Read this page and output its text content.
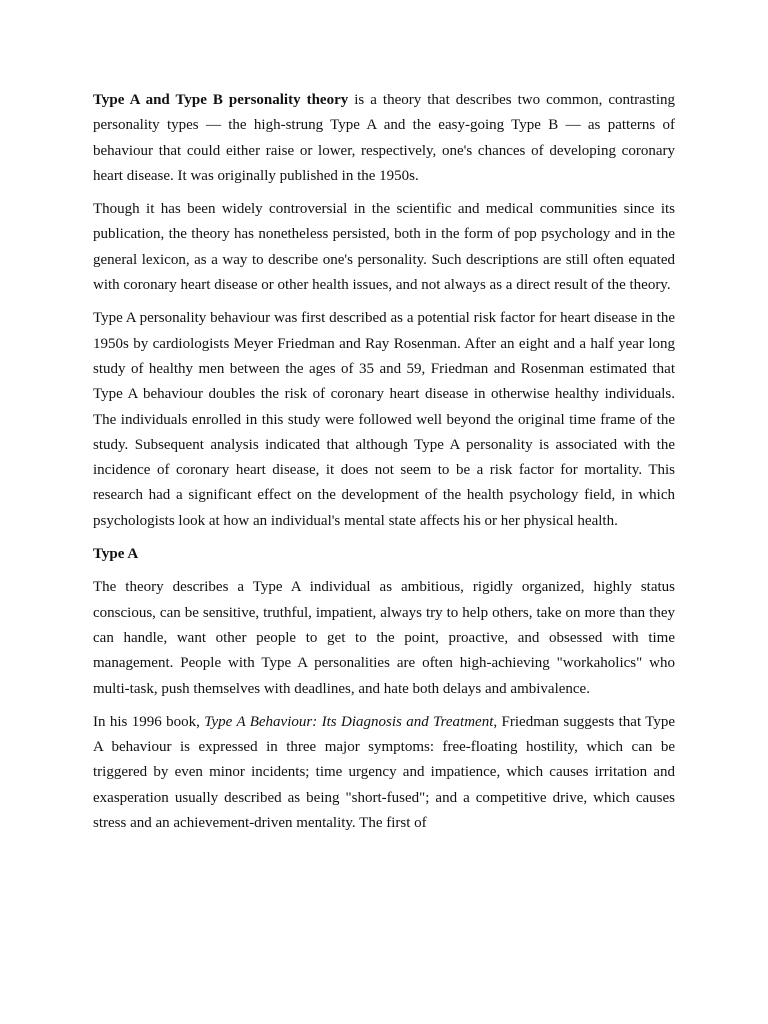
Type A and Type B personality theory is a theory that describes two common, contrasting personality types — the high-strung Type A and the easy-going Type B — as patterns of behaviour that could either raise or lower, respectively, one's chances of developing coronary heart disease. It was originally published in the 1950s.

Though it has been widely controversial in the scientific and medical communities since its publication, the theory has nonetheless persisted, both in the form of pop psychology and in the general lexicon, as a way to describe one's personality. Such descriptions are still often equated with coronary heart disease or other health issues, and not always as a direct result of the theory.

Type A personality behaviour was first described as a potential risk factor for heart disease in the 1950s by cardiologists Meyer Friedman and Ray Rosenman. After an eight and a half year long study of healthy men between the ages of 35 and 59, Friedman and Rosenman estimated that Type A behaviour doubles the risk of coronary heart disease in otherwise healthy individuals. The individuals enrolled in this study were followed well beyond the original time frame of the study. Subsequent analysis indicated that although Type A personality is associated with the incidence of coronary heart disease, it does not seem to be a risk factor for mortality. This research had a significant effect on the development of the health psychology field, in which psychologists look at how an individual's mental state affects his or her physical health.

Type A

The theory describes a Type A individual as ambitious, rigidly organized, highly status conscious, can be sensitive, truthful, impatient, always try to help others, take on more than they can handle, want other people to get to the point, proactive, and obsessed with time management. People with Type A personalities are often high-achieving "workaholics" who multi-task, push themselves with deadlines, and hate both delays and ambivalence.

In his 1996 book, Type A Behaviour: Its Diagnosis and Treatment, Friedman suggests that Type A behaviour is expressed in three major symptoms: free-floating hostility, which can be triggered by even minor incidents; time urgency and impatience, which causes irritation and exasperation usually described as being "short-fused"; and a competitive drive, which causes stress and an achievement-driven mentality. The first of
